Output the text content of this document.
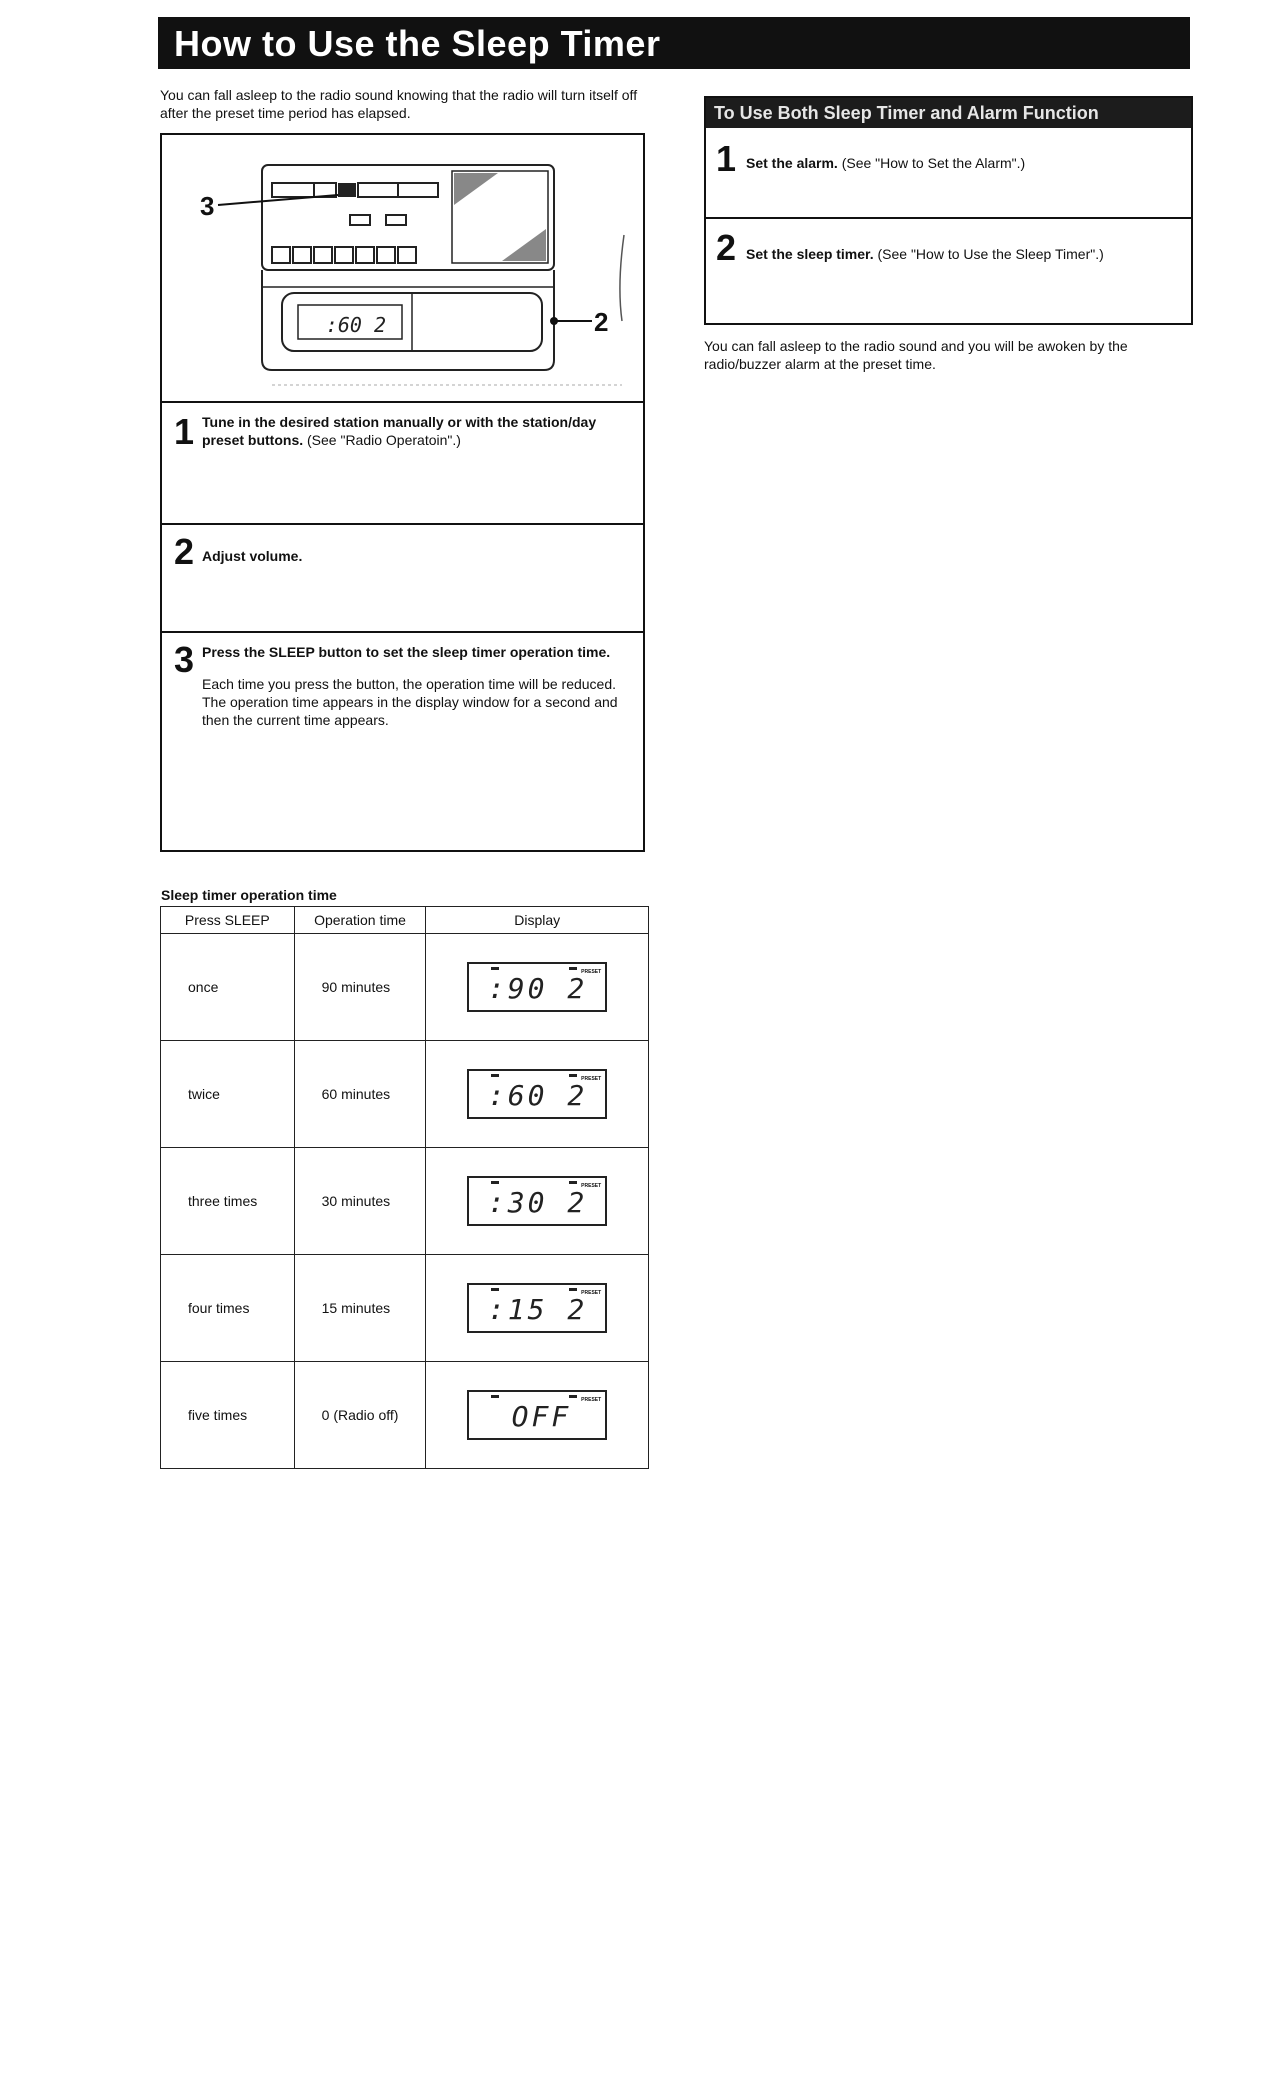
How to Use the Sleep Timer
You can fall asleep to the radio sound knowing that the radio will turn itself off after the preset time period has elapsed.
:60 2
3
2
1 Tune in the desired station manually or with the station/day preset buttons. (See "Radio Operatoin".)
2 Adjust volume.
3 Press the SLEEP button to set the sleep timer operation time.
Each time you press the button, the operation time will be reduced.
The operation time appears in the display window for a second and then the current time appears.
To Use Both Sleep Timer and Alarm Function
1 Set the alarm. (See "How to Set the Alarm".)
2 Set the sleep timer. (See "How to Use the Sleep Timer".)
You can fall asleep to the radio sound and you will be awoken by the radio/buzzer alarm at the preset time.
Sleep timer operation time
Press SLEEP	Operation time	Display
once	90 minutes	PRESET
:90 2

twice	60 minutes	PRESET
:60 2

three times	30 minutes	PRESET
:30 2

four times	15 minutes	PRESET
:15 2

five times	0 (Radio off)	PRESET
OFF
